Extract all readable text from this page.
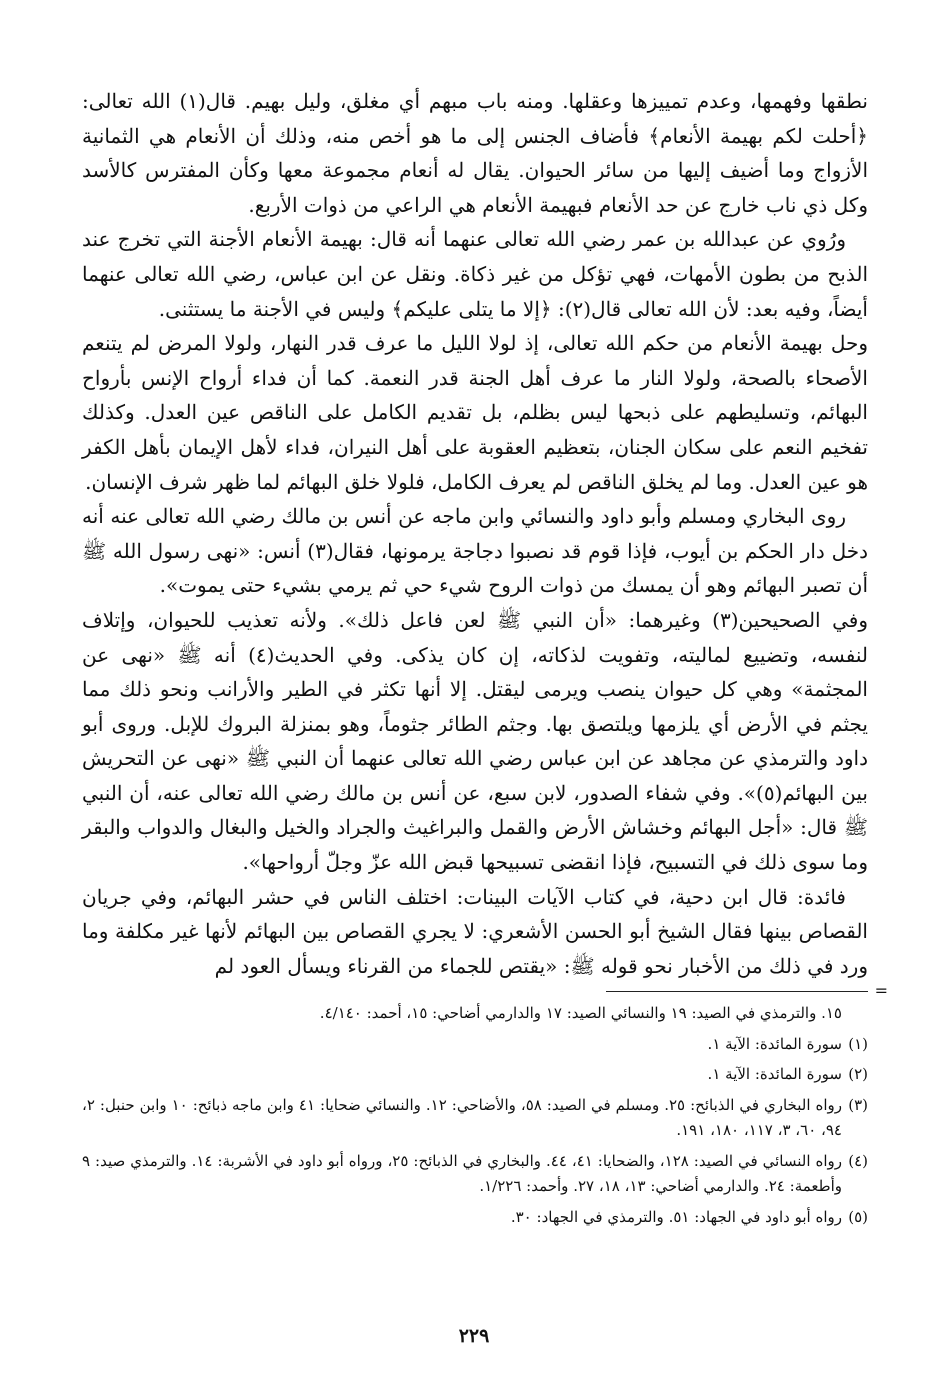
نطقها وفهمها، وعدم تمييزها وعقلها. ومنه باب مبهم أي مغلق، وليل بهيم. قال(١) الله تعالى: ﴿أحلت لكم بهيمة الأنعام﴾ فأضاف الجنس إلى ما هو أخص منه، وذلك أن الأنعام هي الثمانية الأزواج وما أضيف إليها من سائر الحيوان. يقال له أنعام مجموعة معها وكأن المفترس كالأسد وكل ذي ناب خارج عن حد الأنعام فبهيمة الأنعام هي الراعي من ذوات الأربع.

ورُوي عن عبدالله بن عمر رضي الله تعالى عنهما أنه قال: بهيمة الأنعام الأجنة التي تخرج عند الذبح من بطون الأمهات، فهي تؤكل من غير ذكاة. ونقل عن ابن عباس، رضي الله تعالى عنهما أيضاً، وفيه بعد: لأن الله تعالى قال(٢): ﴿إلا ما يتلى عليكم﴾ وليس في الأجنة ما يستثنى.

وحل بهيمة الأنعام من حكم الله تعالى، إذ لولا الليل ما عرف قدر النهار، ولولا المرض لم يتنعم الأصحاء بالصحة، ولولا النار ما عرف أهل الجنة قدر النعمة. كما أن فداء أرواح الإنس بأرواح البهائم، وتسليطهم على ذبحها ليس بظلم، بل تقديم الكامل على الناقص عين العدل. وكذلك تفخيم النعم على سكان الجنان، بتعظيم العقوبة على أهل النيران، فداء لأهل الإيمان بأهل الكفر هو عين العدل. وما لم يخلق الناقص لم يعرف الكامل، فلولا خلق البهائم لما ظهر شرف الإنسان.

روى البخاري ومسلم وأبو داود والنسائي وابن ماجه عن أنس بن مالك رضي الله تعالى عنه أنه دخل دار الحكم بن أيوب، فإذا قوم قد نصبوا دجاجة يرمونها، فقال(٣) أنس: «نهى رسول الله ﷺ أن تصبر البهائم وهو أن يمسك من ذوات الروح شيء حي ثم يرمي بشيء حتى يموت».

وفي الصحيحين(٣) وغيرهما: «أن النبي ﷺ لعن فاعل ذلك». ولأنه تعذيب للحيوان، وإتلاف لنفسه، وتضييع لماليته، وتفويت لذكاته، إن كان يذكى. وفي الحديث(٤) أنه ﷺ «نهى عن المجثمة» وهي كل حيوان ينصب ويرمى ليقتل. إلا أنها تكثر في الطير والأرانب ونحو ذلك مما يجثم في الأرض أي يلزمها ويلتصق بها. وجثم الطائر جثوماً، وهو بمنزلة البروك للإبل. وروى أبو داود والترمذي عن مجاهد عن ابن عباس رضي الله تعالى عنهما أن النبي ﷺ «نهى عن التحريش بين البهائم(٥)». وفي شفاء الصدور، لابن سبع، عن أنس بن مالك رضي الله تعالى عنه، أن النبي ﷺ قال: «أجل البهائم وخشاش الأرض والقمل والبراغيث والجراد والخيل والبغال والدواب والبقر وما سوى ذلك في التسبيح، فإذا انقضى تسبيحها قبض الله عزّ وجلّ أرواحها».

فائدة: قال ابن دحية، في كتاب الآيات البينات: اختلف الناس في حشر البهائم، وفي جريان القصاص بينها فقال الشيخ أبو الحسن الأشعري: لا يجري القصاص بين البهائم لأنها غير مكلفة وما ورد في ذلك من الأخبار نحو قوله ﷺ: «يقتص للجماء من القرناء ويسأل العود لم

=

١٥. والترمذي في الصيد: ١٩ والنسائي الصيد: ١٧ والدارمي أضاحي: ١٥، أحمد: ٤/١٤٠.

(١)
سورة المائدة: الآية ١.

(٢)
سورة المائدة: الآية ١.

(٣)
رواه البخاري في الذبائح: ٢٥. ومسلم في الصيد: ٥٨، والأضاحي: ١٢. والنسائي ضحايا: ٤١ وابن ماجه ذبائح: ١٠ وابن حنبل: ٢، ٩٤، ٦٠، ٣، ١١٧، ١٨٠، ١٩١.

(٤)
رواه النسائي في الصيد: ١٢٨، والضحايا: ٤١، ٤٤. والبخاري في الذبائح: ٢٥، ورواه أبو داود في الأشربة: ١٤. والترمذي صيد: ٩ وأطعمة: ٢٤. والدارمي أضاحي: ١٣، ١٨، ٢٧. وأحمد: ١/٢٢٦.

(٥)
رواه أبو داود في الجهاد: ٥١. والترمذي في الجهاد: ٣٠.

٢٢٩
